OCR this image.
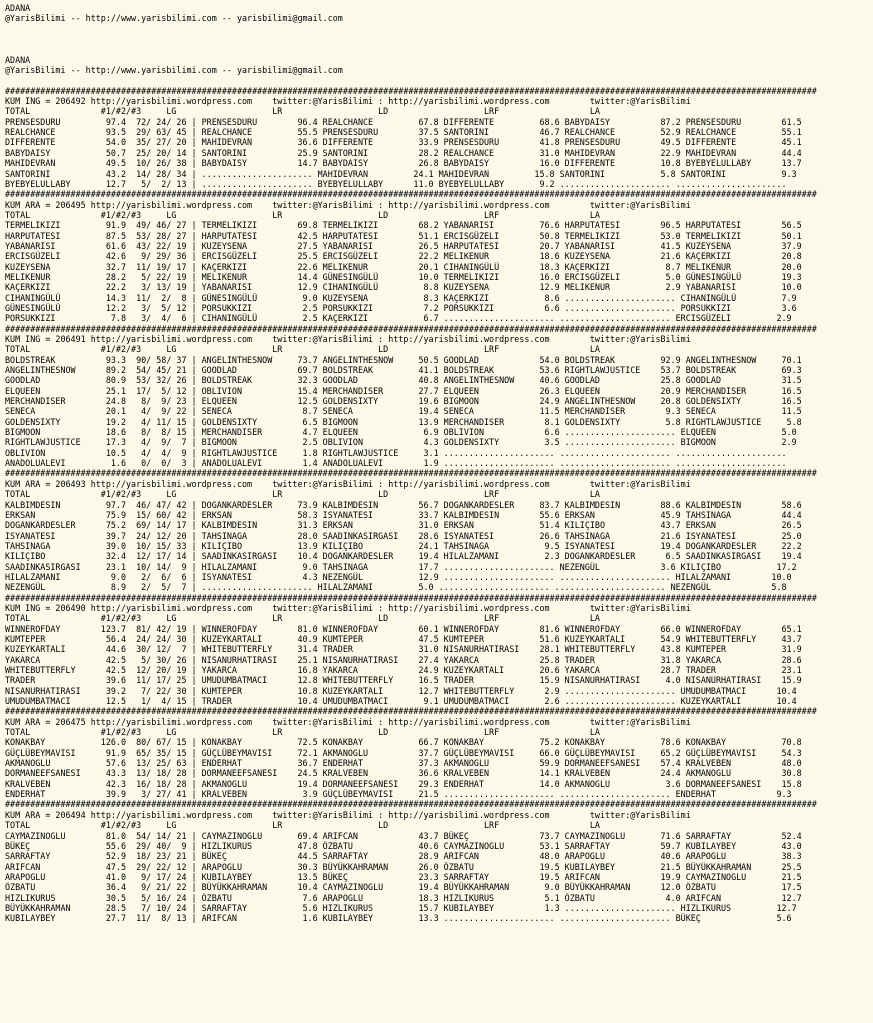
ADANA
@YarisBilimi -- http://www.yarisbilimi.com -- yarisbilimi@gmail.com
ADANA
@YarisBilimi -- http://www.yarisbilimi.com -- yarisbilimi@gmail.com
#################################################################################################################################################################
KUM ING = 206492 http://yarisbilimi.wordpress.com    twitter:@YarisBilimi : http://yarisbilimi.wordpress.com        twitter:@YarisBilimi
TOTAL              #1/#2/#3     LG                   LR                   LD                   LRF                  LA
PRENSESDURU         97.4  72/ 24/ 26 | PRENSESDURU        96.4 REALCHANCE         67.8 DIFFERENTE         68.6 BABYDAISY          87.2 PRENSESDURU        61.5
REALCHANCE          93.5  29/ 63/ 45 | REALCHANCE         55.5 PRENSESDURU        37.5 SANTORINI          46.7 REALCHANCE         52.9 REALCHANCE         55.1
DIFFERENTE          54.0  35/ 27/ 20 | MAHIDEVRAN         36.6 DIFFERENTE         33.9 PRENSESDURU        41.8 PRENSESDURU        49.5 DIFFERENTE         45.1
BABYDAISY           50.7  25/ 20/ 14 | SANTORINI          25.9 SANTORINI          28.2 REALCHANCE         31.0 MAHIDEVRAN         22.9 MAHIDEVRAN         44.4
MAHIDEVRAN          49.5  10/ 26/ 38 | BABYDAISY          14.7 BABYDAISY          26.8 BABYDAISY          16.0 DIFFERENTE         10.8 BYEBYELULLABY      13.7
SANTORINI           43.2  14/ 28/ 34 | ...................... MAHIDEVRAN         24.1 MAHIDEVRAN         15.8 SANTORINI           5.8 SANTORINI           9.3
BYEBYELULLABY       12.7   5/  2/ 13 | ...................... BYEBYELULLABY      11.0 BYEBYELULLABY       9.2 ...................... ......................
#################################################################################################################################################################
KUM ARA = 206495 http://yarisbilimi.wordpress.com    twitter:@YarisBilimi : http://yarisbilimi.wordpress.com        twitter:@YarisBilimi
TOTAL              #1/#2/#3     LG                   LR                   LD                   LRF                  LA
TERMELIKIZI         91.9  49/ 46/ 27 | TERMELIKIZI        69.8 TERMELIKIZI        68.2 YABANARISI         76.6 HARPUTATESI        96.5 HARPUTATESI        56.5
HARPUTATESI         87.5  53/ 28/ 27 | HARPUTATESI        42.5 HARPUTATESI        51.1 ERCISGÜZELI        50.8 TERMELIKIZI        53.0 TERMELIKIZI        50.1
YABANARISI          61.6  43/ 22/ 19 | KUZEYSENA          27.5 YABANARISI         26.5 HARPUTATESI        20.7 YABANARISI         41.5 KUZEYSENA          37.9
ERCISGÜZELI         42.6   9/ 29/ 36 | ERCISGÜZELI        25.5 ERCISGÜZELI        22.2 MELIKENUR          18.6 KUZEYSENA          21.6 KAÇERKIZI          20.8
KUZEYSENA           32.7  11/ 19/ 17 | KAÇERKIZI          22.6 MELIKENUR          20.1 CIHANINGÜLÜ        18.3 KAÇERKIZI           8.7 MELIKENUR          20.0
MELIKENUR           28.2   5/ 22/ 19 | MELIKENUR          14.4 GÜNESINGÜLÜ        10.0 TERMELIKIZI        16.0 ERCISGÜZELI         5.0 GÜNESINGÜLÜ        19.3
KAÇERKIZI           22.2   3/ 13/ 19 | YABANARISI         12.9 CIHANINGÜLÜ         8.8 KUZEYSENA          12.9 MELIKENUR           2.9 YABANARISI         10.0
CIHANINGÜLÜ         14.3  11/  2/  8 | GÜNESINGÜLÜ         9.0 KUZEYSENA           8.3 KAÇERKIZI           8.6 ...................... CIHANINGÜLÜ         7.9
GÜNESINGÜLÜ         12.2   3/  5/ 12 | PORSUKKIZI          2.5 PORSUKKIZI          7.2 PORSUKKIZI          6.6 ...................... PORSUKKIZI          3.6
PORSUKKIZI           7.8   3/  4/  6 | CIHANINGÜLÜ         2.5 KAÇERKIZI           6.7 ...................... ...................... ERCISGÜZELI         2.9
#################################################################################################################################################################
KUM ING = 206491 http://yarisbilimi.wordpress.com    twitter:@YarisBilimi : http://yarisbilimi.wordpress.com        twitter:@YarisBilimi
TOTAL              #1/#2/#3     LG                   LR                   LD                   LRF                  LA
BOLDSTREAK          93.3  90/ 58/ 37 | ANGELINTHESNOW     73.7 ANGELINTHESNOW     50.5 GOODLAD            54.0 BOLDSTREAK         92.9 ANGELINTHESNOW     70.1
ANGELINTHESNOW      89.2  54/ 45/ 21 | GOODLAD            69.7 BOLDSTREAK         41.1 BOLDSTREAK         53.6 RIGHTLAWJUSTICE    53.7 BOLDSTREAK         69.3
GOODLAD             80.9  53/ 32/ 26 | BOLDSTREAK         32.3 GOODLAD            40.8 ANGELINTHESNOW     40.6 GOODLAD            25.8 GOODLAD            31.5
ELQUEEN             25.1  17/  5/ 12 | OBLIVION           15.4 MERCHANDISER       27.7 ELQUEEN            26.3 ELQUEEN            20.9 MERCHANDISER       16.5
MERCHANDISER        24.8   8/  9/ 23 | ELQUEEN            12.5 GOLDENSIXTY        19.6 BIGMOON            24.9 ANGELINTHESNOW     20.8 GOLDENSIXTY        16.5
SENECA              20.1   4/  9/ 22 | SENECA              8.7 SENECA             19.4 SENECA             11.5 MERCHANDISER        9.3 SENECA             11.5
GOLDENSIXTY         19.2   4/ 11/ 15 | GOLDENSIXTY         6.5 BIGMOON            13.9 MERCHANDISER        8.1 GOLDENSIXTY         5.8 RIGHTLAWJUSTICE     5.8
BIGMOON             18.6   8/  8/ 15 | MERCHANDISER        4.7 ELQUEEN             6.9 OBLIVION            6.6 ...................... ELQUEEN             5.0
RIGHTLAWJUSTICE     17.3   4/  9/  7 | BIGMOON             2.5 OBLIVION            4.3 GOLDENSIXTY         3.5 ...................... BIGMOON             2.9
OBLIVION            10.5   4/  4/  9 | RIGHTLAWJUSTICE     1.8 RIGHTLAWJUSTICE     3.1 ...................... ...................... ......................
ANADOLUALEVI         1.6   0/  0/  3 | ANADOLUALEVI        1.4 ANADOLUALEVI        1.9 ...................... ...................... ......................
#################################################################################################################################################################
KUM ARA = 206493 http://yarisbilimi.wordpress.com    twitter:@YarisBilimi : http://yarisbilimi.wordpress.com        twitter:@YarisBilimi
TOTAL              #1/#2/#3     LG                   LR                   LD                   LRF                  LA
KALBIMDESIN         97.7  46/ 47/ 42 | DOGANKARDESLER     73.9 KALBIMDESIN        56.7 DOGANKARDESLER     83.7 KALBIMDESIN        88.6 KALBIMDESIN        58.6
ERKSAN              75.9  15/ 60/ 42 | ERKSAN             58.3 ISYANATESI         33.7 KALBIMDESIN        55.6 ERKSAN             45.9 TAHSINAGA          44.4
DOGANKARDESLER      75.2  69/ 14/ 17 | KALBIMDESIN        31.3 ERKSAN             31.0 ERKSAN             51.4 KILIÇIBO           43.7 ERKSAN             26.5
ISYANATESI          39.7  24/ 12/ 20 | TAHSINAGA          28.0 SAADINKASIRGASI    28.6 ISYANATESI         26.6 TAHSINAGA          21.6 ISYANATESI         25.0
TAHSINAGA           39.0  10/ 15/ 33 | KILIÇIBO           13.9 KILIÇIBO           24.1 TAHSINAGA           9.5 ISYANATESI         19.4 DOGANKARDESLER     22.2
KILIÇIBO            32.4  12/ 17/ 14 | SAADINKASIRGASI    10.4 DOGANKARDESLER     19.4 HILALZAMANI         2.3 DOGANKARDESLER      6.5 SAADINKASIRGASI    19.4
SAADINKASIRGASI     23.1  10/ 14/  9 | HILALZAMANI         9.0 TAHSINAGA          17.7 ...................... NEZENGÜL            3.6 KILIÇIBO           17.2
HILALZAMANI          9.0   2/  6/  6 | ISYANATESI          4.3 NEZENGÜL           12.9 ...................... ...................... HILALZAMANI        10.0
NEZENGÜL             8.9   2/  5/  7 | ...................... HILALZAMANI         5.0 ...................... ...................... NEZENGÜL            5.8
#################################################################################################################################################################
KUM ING = 206490 http://yarisbilimi.wordpress.com    twitter:@YarisBilimi : http://yarisbilimi.wordpress.com        twitter:@YarisBilimi
TOTAL              #1/#2/#3     LG                   LR                   LD                   LRF                  LA
WINNEROFDAY        123.7  81/ 42/ 19 | WINNEROFDAY        81.0 WINNEROFDAY        60.1 WINNEROFDAY        81.6 WINNEROFDAY        66.0 WINNEROFDAY        65.1
KUMTEPER            56.4  24/ 24/ 30 | KUZEYKARTALI       40.9 KUMTEPER           47.5 KUMTEPER           51.6 KUZEYKARTALI       54.9 WHITEBUTTERFLY     43.7
KUZEYKARTALI        44.6  30/ 12/  7 | WHITEBUTTERFLY     31.4 TRADER             31.0 NISANURHATIRASI    28.1 WHITEBUTTERFLY     43.8 KUMTEPER           31.9
YAKARCA             42.5   5/ 30/ 26 | NISANURHATIRASI    25.1 NISANURHATIRASI    27.4 YAKARCA            25.8 TRADER             31.8 YAKARCA            28.6
WHITEBUTTERFLY      42.5  12/ 20/ 19 | YAKARCA            16.8 YAKARCA            24.9 KUZEYKARTALI       20.6 YAKARCA            28.7 TRADER             23.1
TRADER              39.6  11/ 17/ 25 | UMUDUMBATMACI      12.8 WHITEBUTTERFLY     16.5 TRADER             15.9 NISANURHATIRASI     4.0 NISANURHATIRASI    15.9
NISANURHATIRASI     39.2   7/ 22/ 30 | KUMTEPER           10.8 KUZEYKARTALI       12.7 WHITEBUTTERFLY      2.9 ...................... UMUDUMBATMACI      10.4
UMUDUMBATMACI       12.5   1/  4/ 15 | TRADER             10.4 UMUDUMBATMACI       9.1 UMUDUMBATMACI       2.6 ...................... KUZEYKARTALI       10.4
#################################################################################################################################################################
KUM ARA = 206475 http://yarisbilimi.wordpress.com    twitter:@YarisBilimi : http://yarisbilimi.wordpress.com        twitter:@YarisBilimi
TOTAL              #1/#2/#3     LG                   LR                   LD                   LRF                  LA
KONAKBAY           126.0  80/ 67/ 15 | KONAKBAY           72.5 KONAKBAY           66.7 KONAKBAY           75.2 KONAKBAY           78.6 KONAKBAY           70.8
GÜÇLÜBEYMAVISI      91.9  65/ 35/ 15 | GÜÇLÜBEYMAVISI     72.1 AKMANOGLU          37.7 GÜÇLÜBEYMAVISI     66.0 GÜÇLÜBEYMAVISI     65.2 GÜÇLÜBEYMAVISI     54.3
AKMANOGLU           57.6  13/ 25/ 63 | ENDERHAT           36.7 ENDERHAT           37.3 AKMANOGLU          59.9 DORMANEEFSANESI    57.4 KRALVEBEN          48.0
DORMANEEFSANESI     43.3  13/ 18/ 28 | DORMANEEFSANESI    24.5 KRALVEBEN          36.6 KRALVEBEN          14.1 KRALVEBEN          24.4 AKMANOGLU          30.8
KRALVEBEN           42.3  16/ 18/ 28 | AKMANOGLU          19.4 DORMANEEFSANESI    29.3 ENDERHAT           14.0 AKMANOGLU           3.6 DORMANEEFSANESI    15.8
ENDERHAT            39.9   3/ 27/ 41 | KRALVEBEN           3.9 GÜÇLÜBEYMAVISI     21.5 ...................... ...................... ENDERHAT            9.3
#################################################################################################################################################################
KUM ARA = 206494 http://yarisbilimi.wordpress.com    twitter:@YarisBilimi : http://yarisbilimi.wordpress.com        twitter:@YarisBilimi
TOTAL              #1/#2/#3     LG                   LR                   LD                   LRF                  LA
CAYMAZINOGLU        81.0  54/ 14/ 21 | CAYMAZINOGLU       69.4 ARIFCAN            43.7 BÜKEÇ              73.7 CAYMAZINOGLU       71.6 SARRAFTAY          52.4
BÜKEÇ               55.6  29/ 40/  9 | HIZLIKURUS         47.8 ÖZBATU             40.6 CAYMAZINOGLU       53.1 SARRAFTAY          59.7 KUBILAYBEY         43.0
SARRAFTAY           52.9  18/ 23/ 21 | BÜKEÇ              44.5 SARRAFTAY          28.9 ARIFCAN            48.0 ARAPOGLU           40.6 ARAPOGLU           38.3
ARIFCAN             47.5  29/ 22/ 12 | ARAPOGLU           30.3 BÜYÜKKAHRAMAN      26.0 ÖZBATU             19.5 KUBILAYBEY         21.5 BÜYÜKKAHRAMAN      25.5
ARAPOGLU            41.0   9/ 17/ 24 | KUBILAYBEY         13.5 BÜKEÇ              23.3 SARRAFTAY          19.5 ARIFCAN            19.9 CAYMAZINOGLU       21.5
ÖZBATU              36.4   9/ 21/ 22 | BÜYÜKKAHRAMAN      10.4 CAYMAZINOGLU       19.4 BÜYÜKKAHRAMAN       9.0 BÜYÜKKAHRAMAN      12.0 ÖZBATU             17.5
HIZLIKURUS          30.5   5/ 16/ 24 | ÖZBATU              7.6 ARAPOGLU           18.3 HIZLIKURUS          5.1 ÖZBATU              4.0 ARIFCAN            12.7
BÜYÜKKAHRAMAN       28.5   7/ 10/ 24 | SARRAFTAY           5.6 HIZLIKURUS         15.7 KUBILAYBEY          1.3 ...................... HIZLIKURUS         12.7
KUBILAYBEY          27.7  11/  8/ 13 | ARIFCAN             1.6 KUBILAYBEY         13.3 ...................... ...................... BÜKEÇ               5.6
